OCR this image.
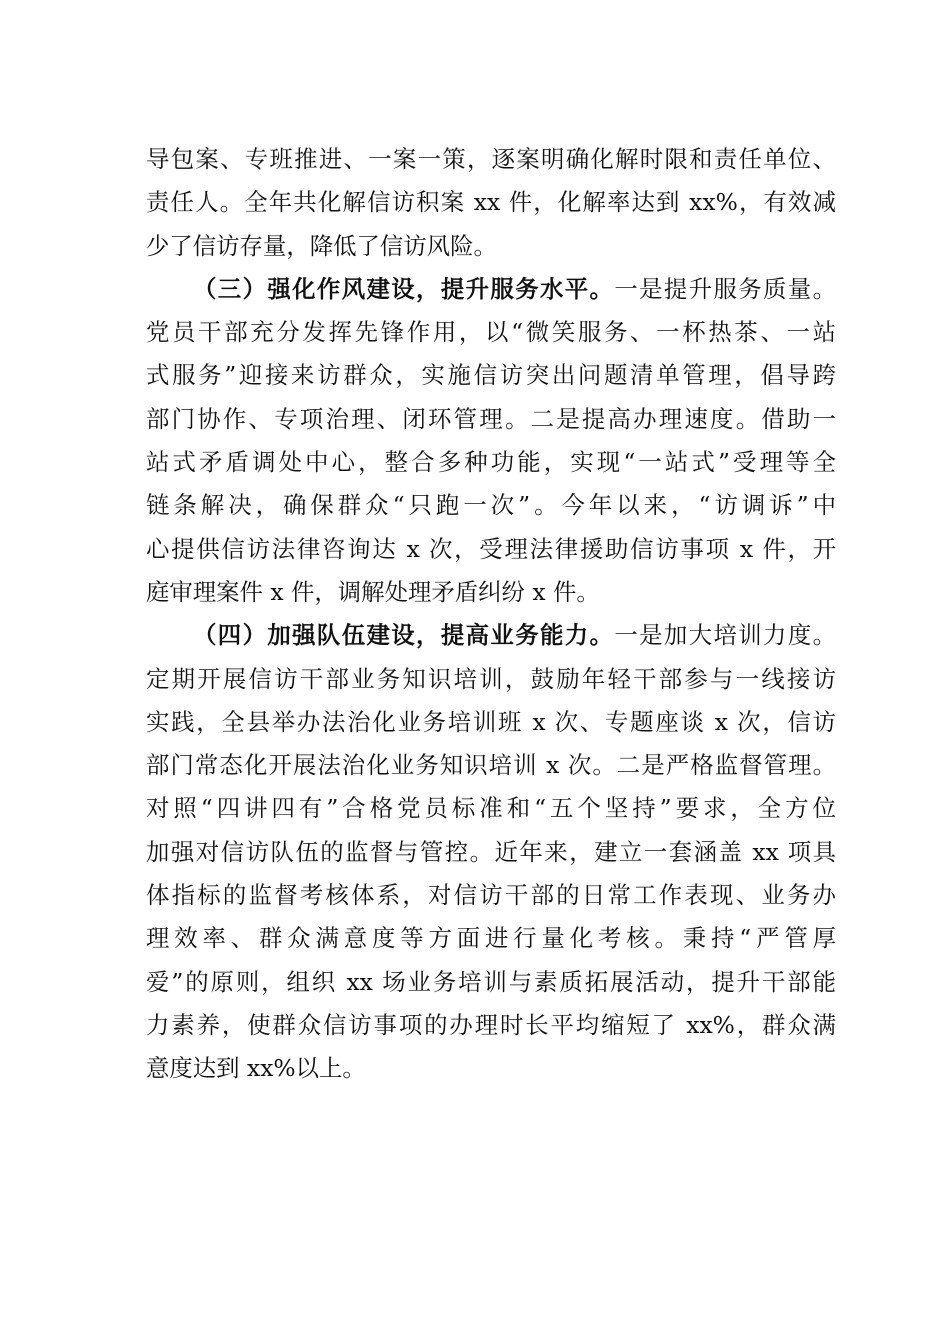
导包案、专班推进、一案一策，逐案明确化解时限和责任单位、
责任人。全年共化解信访积案 xx 件，化解率达到 xx%，有效减
少了信访存量，降低了信访风险。
（三）强化作风建设，提升服务水平。一是提升服务质量。
党员干部充分发挥先锋作用，以“微笑服务、一杯热茶、一站
式服务”迎接来访群众，实施信访突出问题清单管理，倡导跨
部门协作、专项治理、闭环管理。二是提高办理速度。借助一
站式矛盾调处中心，整合多种功能，实现“一站式”受理等全
链条解决，确保群众“只跑一次”。今年以来，“访调诉”中
心提供信访法律咨询达 x 次，受理法律援助信访事项 x 件，开
庭审理案件 x 件，调解处理矛盾纠纷 x 件。
（四）加强队伍建设，提高业务能力。一是加大培训力度。
定期开展信访干部业务知识培训，鼓励年轻干部参与一线接访
实践，全县举办法治化业务培训班 x 次、专题座谈 x 次，信访
部门常态化开展法治化业务知识培训 x 次。二是严格监督管理。
对照“四讲四有”合格党员标准和“五个坚持”要求，全方位
加强对信访队伍的监督与管控。近年来，建立一套涵盖 xx 项具
体指标的监督考核体系，对信访干部的日常工作表现、业务办
理效率、群众满意度等方面进行量化考核。秉持“严管厚
爱”的原则，组织 xx 场业务培训与素质拓展活动，提升干部能
力素养，使群众信访事项的办理时长平均缩短了 xx%，群众满
意度达到 xx%以上。
